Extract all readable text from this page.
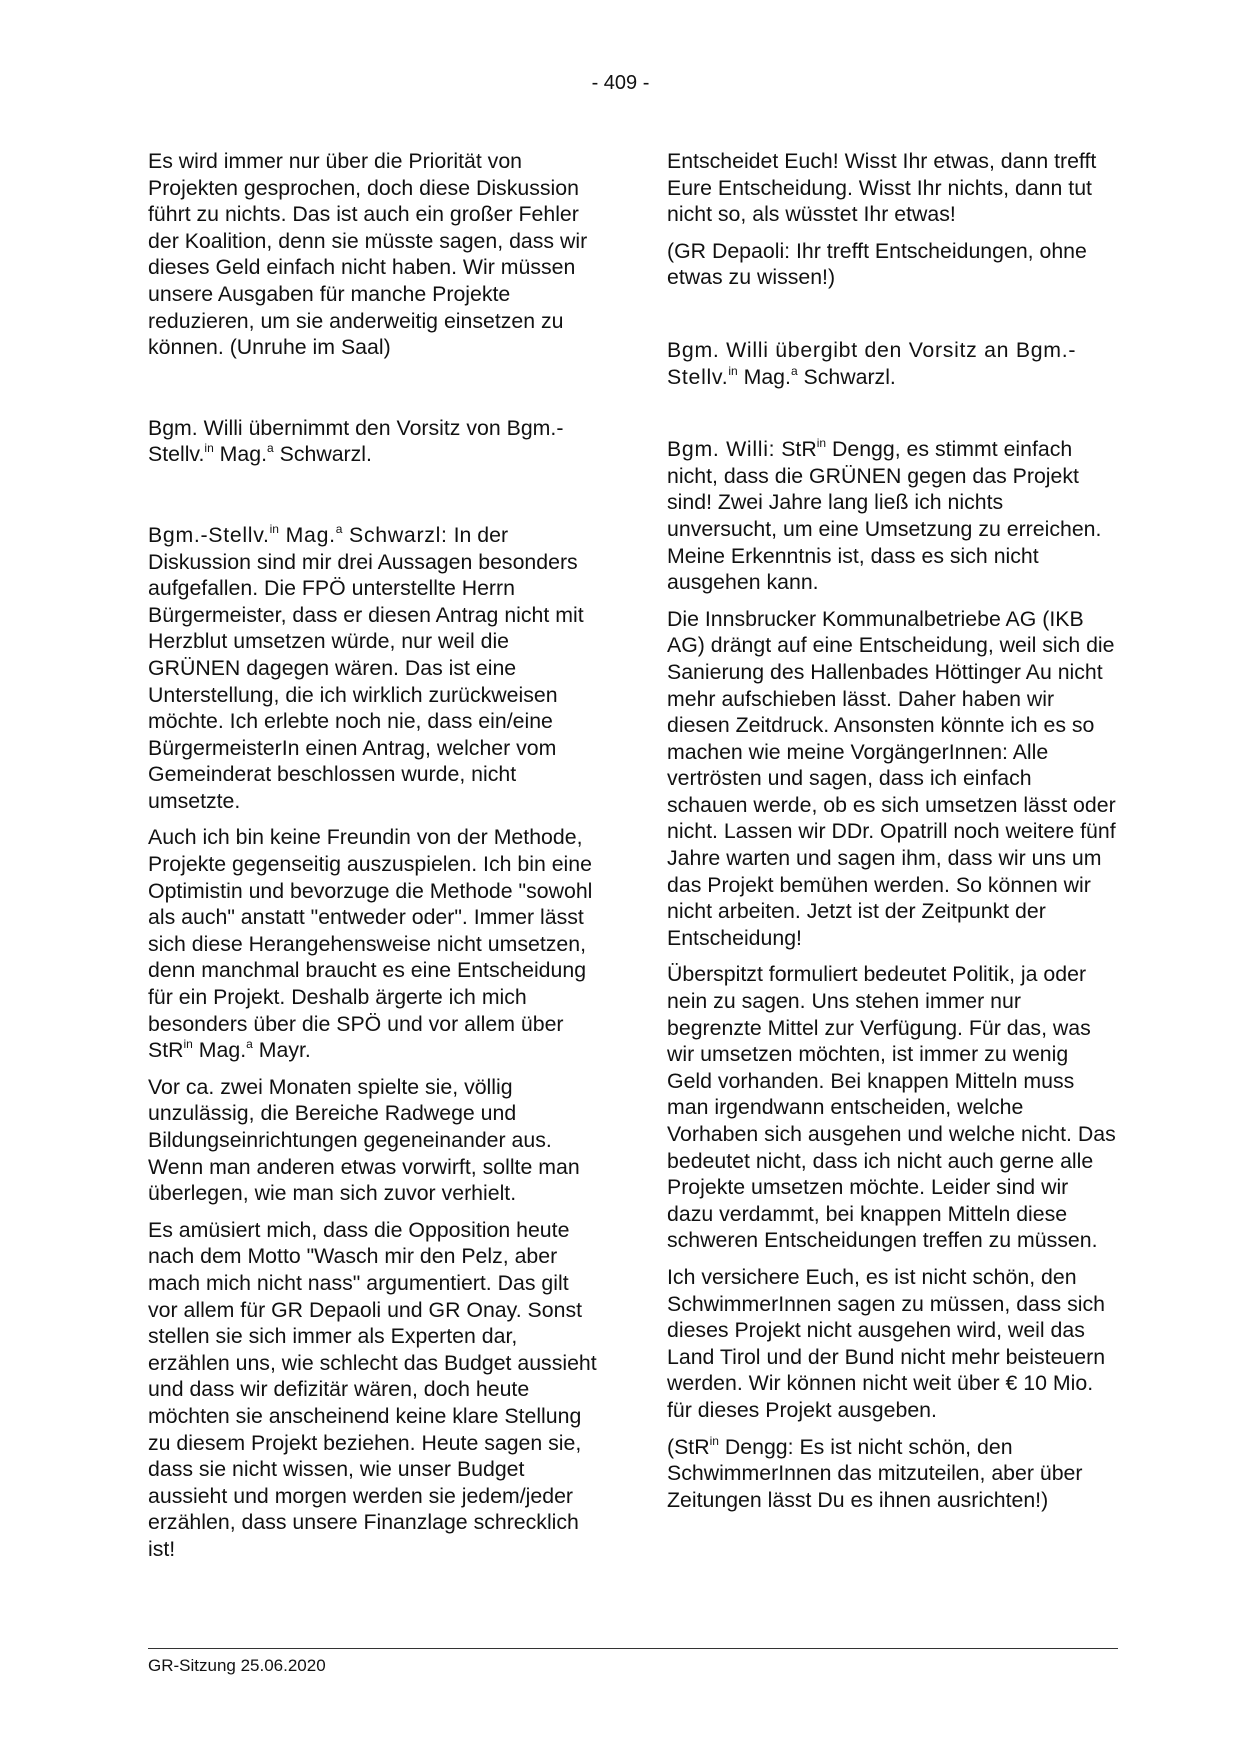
- 409 -

Es wird immer nur über die Priorität von Projekten gesprochen, doch diese Diskussion führt zu nichts. Das ist auch ein großer Fehler der Koalition, denn sie müsste sagen, dass wir dieses Geld einfach nicht haben. Wir müssen unsere Ausgaben für manche Projekte reduzieren, um sie anderweitig einsetzen zu können. (Unruhe im Saal)

Bgm. Willi übernimmt den Vorsitz von Bgm.-Stellv.$^{in}$ Mag.$^a$ Schwarzl.

Bgm.-Stellv.$^{in}$ Mag.$^a$ Schwarzl: In der Diskussion sind mir drei Aussagen besonders aufgefallen. Die FPÖ unterstellte Herrn Bürgermeister, dass er diesen Antrag nicht mit Herzblut umsetzen würde, nur weil die GRÜNEN dagegen wären. Das ist eine Unterstellung, die ich wirklich zurückweisen möchte. Ich erlebte noch nie, dass ein/eine BürgermeisterIn einen Antrag, welcher vom Gemeinderat beschlossen wurde, nicht umsetzte.

Auch ich bin keine Freundin von der Methode, Projekte gegenseitig auszuspielen. Ich bin eine Optimistin und bevorzuge die Methode "sowohl als auch" anstatt "entweder oder". Immer lässt sich diese Herangehensweise nicht umsetzen, denn manchmal braucht es eine Entscheidung für ein Projekt. Deshalb ärgerte ich mich besonders über die SPÖ und vor allem über StR$^{in}$ Mag.$^a$ Mayr.

Vor ca. zwei Monaten spielte sie, völlig unzulässig, die Bereiche Radwege und Bildungseinrichtungen gegeneinander aus. Wenn man anderen etwas vorwirft, sollte man überlegen, wie man sich zuvor verhielt.

Es amüsiert mich, dass die Opposition heute nach dem Motto "Wasch mir den Pelz, aber mach mich nicht nass" argumentiert. Das gilt vor allem für GR Depaoli und GR Onay. Sonst stellen sie sich immer als Experten dar, erzählen uns, wie schlecht das Budget aussieht und dass wir defizitär wären, doch heute möchten sie anscheinend keine klare Stellung zu diesem Projekt beziehen. Heute sagen sie, dass sie nicht wissen, wie unser Budget aussieht und morgen werden sie jedem/jeder erzählen, dass unsere Finanzlage schrecklich ist!

Entscheidet Euch! Wisst Ihr etwas, dann trefft Eure Entscheidung. Wisst Ihr nichts, dann tut nicht so, als wüsstet Ihr etwas!

(GR Depaoli: Ihr trefft Entscheidungen, ohne etwas zu wissen!)

Bgm. Willi übergibt den Vorsitz an Bgm.-Stellv.$^{in}$ Mag.$^a$ Schwarzl.

Bgm. Willi: StR$^{in}$ Dengg, es stimmt einfach nicht, dass die GRÜNEN gegen das Projekt sind! Zwei Jahre lang ließ ich nichts unversucht, um eine Umsetzung zu erreichen. Meine Erkenntnis ist, dass es sich nicht ausgehen kann.

Die Innsbrucker Kommunalbetriebe AG (IKB AG) drängt auf eine Entscheidung, weil sich die Sanierung des Hallenbades Höttinger Au nicht mehr aufschieben lässt. Daher haben wir diesen Zeitdruck. Ansonsten könnte ich es so machen wie meine VorgängerInnen: Alle vertrösten und sagen, dass ich einfach schauen werde, ob es sich umsetzen lässt oder nicht. Lassen wir DDr. Opatrill noch weitere fünf Jahre warten und sagen ihm, dass wir uns um das Projekt bemühen werden. So können wir nicht arbeiten. Jetzt ist der Zeitpunkt der Entscheidung!

Überspitzt formuliert bedeutet Politik, ja oder nein zu sagen. Uns stehen immer nur begrenzte Mittel zur Verfügung. Für das, was wir umsetzen möchten, ist immer zu wenig Geld vorhanden. Bei knappen Mitteln muss man irgendwann entscheiden, welche Vorhaben sich ausgehen und welche nicht. Das bedeutet nicht, dass ich nicht auch gerne alle Projekte umsetzen möchte. Leider sind wir dazu verdammt, bei knappen Mitteln diese schweren Entscheidungen treffen zu müssen.

Ich versichere Euch, es ist nicht schön, den SchwimmerInnen sagen zu müssen, dass sich dieses Projekt nicht ausgehen wird, weil das Land Tirol und der Bund nicht mehr beisteuern werden. Wir können nicht weit über € 10 Mio. für dieses Projekt ausgeben.

(StR$^{in}$ Dengg: Es ist nicht schön, den SchwimmerInnen das mitzuteilen, aber über Zeitungen lässt Du es ihnen ausrichten!)

GR-Sitzung 25.06.2020
